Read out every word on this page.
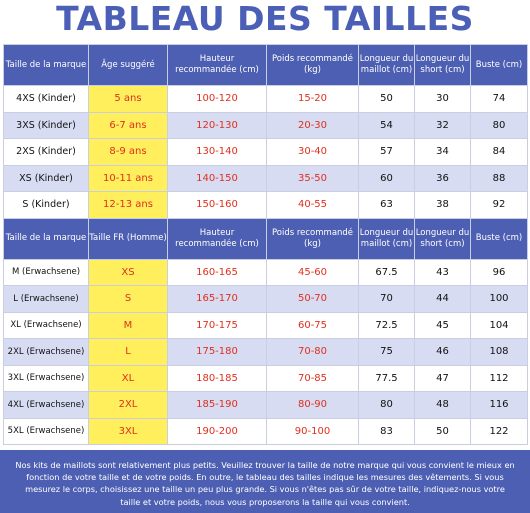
TABLEAU DES TAILLES
Taille de la marque	Âge suggéré	Hauteur recommandée (cm)	Poids recommandé (kg)	Longueur du maillot (cm)	Longueur du short (cm)	Buste (cm)
4XS (Kinder)	5 ans	100-120	15-20	50	30	74
3XS (Kinder)	6-7 ans	120-130	20-30	54	32	80
2XS (Kinder)	8-9 ans	130-140	30-40	57	34	84
XS (Kinder)	10-11 ans	140-150	35-50	60	36	88
S (Kinder)	12-13 ans	150-160	40-55	63	38	92
Taille de la marque	Taille FR (Homme)	Hauteur recommandée (cm)	Poids recommandé (kg)	Longueur du maillot (cm)	Longueur du short (cm)	Buste (cm)
M (Erwachsene)	XS	160-165	45-60	67.5	43	96
L (Erwachsene)	S	165-170	50-70	70	44	100
XL (Erwachsene)	M	170-175	60-75	72.5	45	104
2XL (Erwachsene)	L	175-180	70-80	75	46	108
3XL (Erwachsene)	XL	180-185	70-85	77.5	47	112
4XL (Erwachsene)	2XL	185-190	80-90	80	48	116
5XL (Erwachsene)	3XL	190-200	90-100	83	50	122
Nos kits de maillots sont relativement plus petits. Veuillez trouver la taille de notre marque qui vous convient le mieux en fonction de votre taille et de votre poids. En outre, le tableau des tailles indique les mesures des vêtements. Si vous mesurez le corps, choisissez une taille un peu plus grande. Si vous n'êtes pas sûr de votre taille, indiquez-nous votre taille et votre poids, nous vous proposerons la taille qui vous convient.
